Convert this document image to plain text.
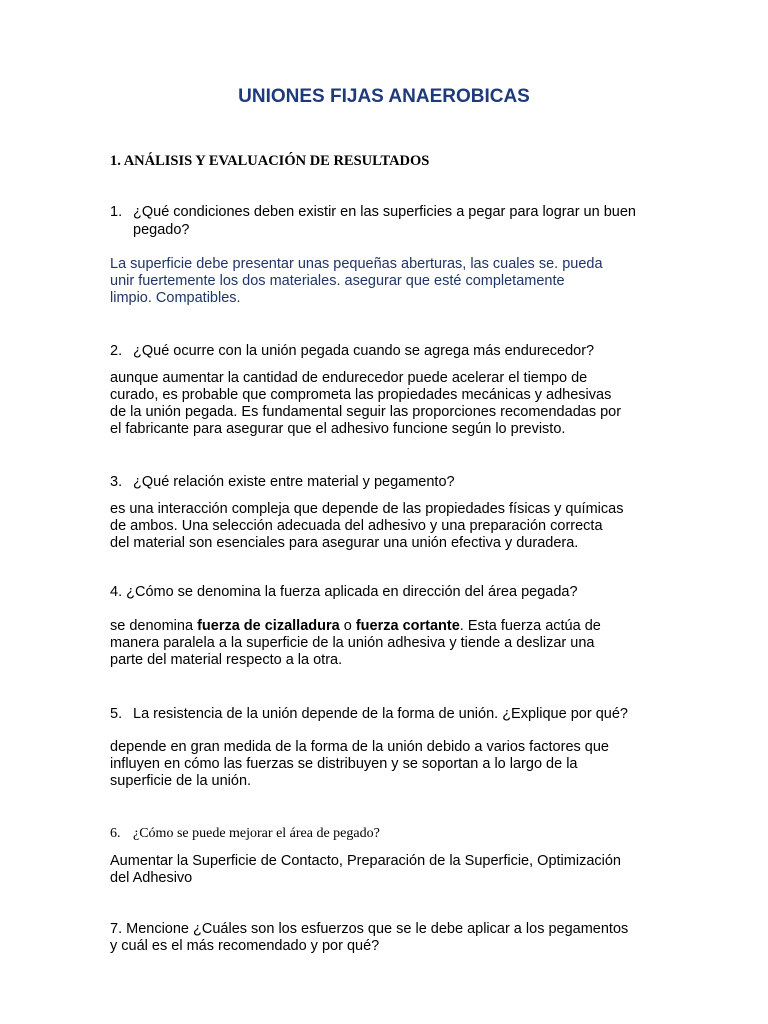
UNIONES FIJAS ANAEROBICAS

1. ANÁLISIS Y EVALUACIÓN DE RESULTADOS

1. ¿Qué condiciones deben existir en las superficies a pegar para lograr un buen pegado?

La superficie debe presentar unas pequeñas aberturas, las cuales se. pueda
unir fuertemente los dos materiales. asegurar que esté completamente
limpio. Compatibles.

2. ¿Qué ocurre con la unión pegada cuando se agrega más endurecedor?

aunque aumentar la cantidad de endurecedor puede acelerar el tiempo de
curado, es probable que comprometa las propiedades mecánicas y adhesivas
de la unión pegada. Es fundamental seguir las proporciones recomendadas por
el fabricante para asegurar que el adhesivo funcione según lo previsto.

3. ¿Qué relación existe entre material y pegamento?

es una interacción compleja que depende de las propiedades físicas y químicas
de ambos. Una selección adecuada del adhesivo y una preparación correcta
del material son esenciales para asegurar una unión efectiva y duradera.

4. ¿Cómo se denomina la fuerza aplicada en dirección del área pegada?

se denomina fuerza de cizalladura o fuerza cortante. Esta fuerza actúa de
manera paralela a la superficie de la unión adhesiva y tiende a deslizar una
parte del material respecto a la otra.

5. La resistencia de la unión depende de la forma de unión. ¿Explique por qué?

depende en gran medida de la forma de la unión debido a varios factores que
influyen en cómo las fuerzas se distribuyen y se soportan a lo largo de la
superficie de la unión.

6. ¿Cómo se puede mejorar el área de pegado?

Aumentar la Superficie de Contacto, Preparación de la Superficie, Optimización
del Adhesivo
7. Mencione ¿Cuáles son los esfuerzos que se le debe aplicar a los pegamentos
y cuál es el más recomendado y por qué?
